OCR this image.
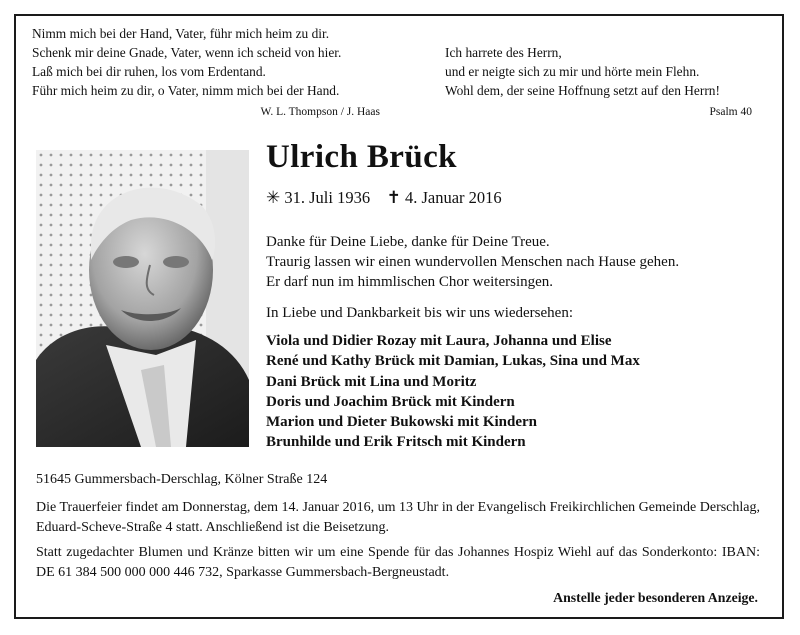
Nimm mich bei der Hand, Vater, führ mich heim zu dir.
Schenk mir deine Gnade, Vater, wenn ich scheid von hier.
Laß mich bei dir ruhen, los vom Erdentand.
Führ mich heim zu dir, o Vater, nimm mich bei der Hand.
W. L. Thompson / J. Haas
Ich harrete des Herrn,
und er neigte sich zu mir und hörte mein Flehn.
Wohl dem, der seine Hoffnung setzt auf den Herrn!
Psalm 40
Ulrich Brück
✳ 31. Juli 1936 ✝ 4. Januar 2016
Danke für Deine Liebe, danke für Deine Treue.
Traurig lassen wir einen wundervollen Menschen nach Hause gehen.
Er darf nun im himmlischen Chor weitersingen.
In Liebe und Dankbarkeit bis wir uns wiedersehen:
Viola und Didier Rozay mit Laura, Johanna und Elise
René und Kathy Brück mit Damian, Lukas, Sina und Max
Dani Brück mit Lina und Moritz
Doris und Joachim Brück mit Kindern
Marion und Dieter Bukowski mit Kindern
Brunhilde und Erik Fritsch mit Kindern
51645 Gummersbach-Derschlag, Kölner Straße 124
Die Trauerfeier findet am Donnerstag, dem 14. Januar 2016, um 13 Uhr in der Evangelisch Freikirchlichen Gemeinde Derschlag, Eduard-Scheve-Straße 4 statt. Anschließend ist die Beisetzung.
Statt zugedachter Blumen und Kränze bitten wir um eine Spende für das Johannes Hospiz Wiehl auf das Sonderkonto: IBAN: DE 61 384 500 000 000 446 732, Sparkasse Gummersbach-Bergneustadt.
Anstelle jeder besonderen Anzeige.
